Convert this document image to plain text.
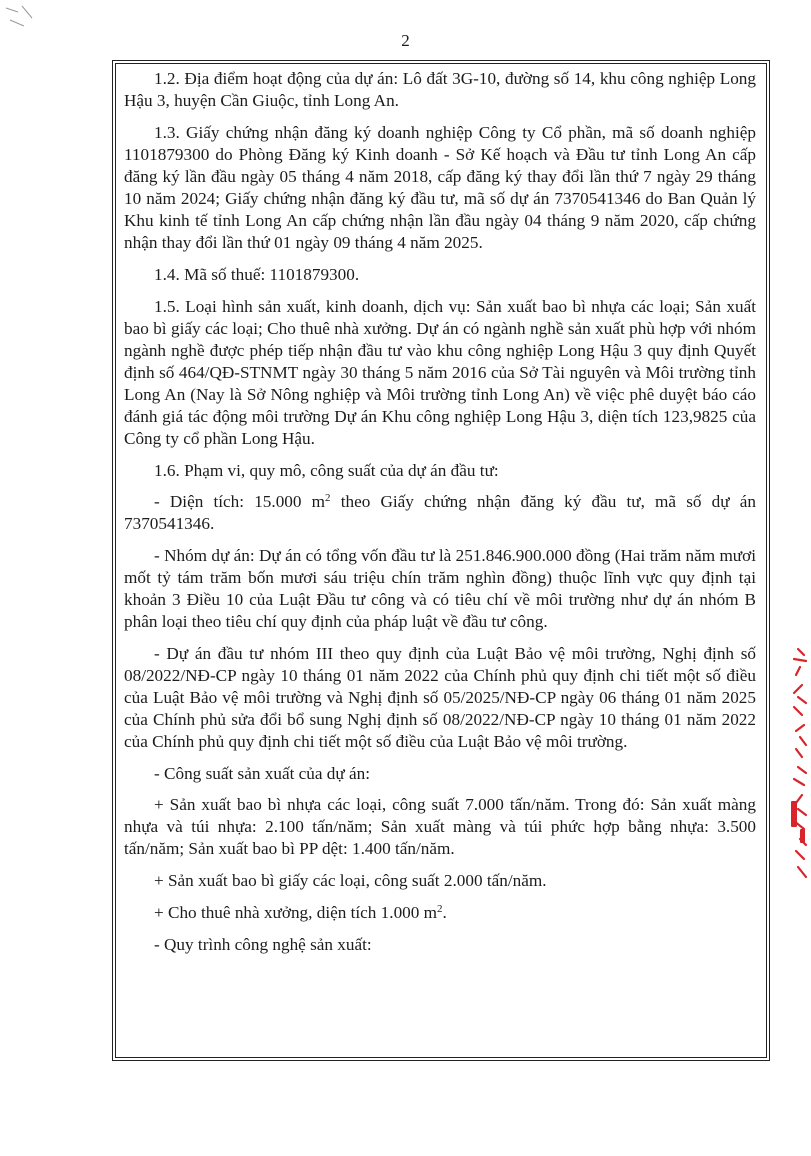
2

1.2. Địa điểm hoạt động của dự án: Lô đất 3G-10, đường số 14, khu công nghiệp Long Hậu 3, huyện Cần Giuộc, tỉnh Long An.

1.3. Giấy chứng nhận đăng ký doanh nghiệp Công ty Cổ phần, mã số doanh nghiệp 1101879300 do Phòng Đăng ký Kinh doanh - Sở Kế hoạch và Đầu tư tỉnh Long An cấp đăng ký lần đầu ngày 05 tháng 4 năm 2018, cấp đăng ký thay đổi lần thứ 7 ngày 29 tháng 10 năm 2024; Giấy chứng nhận đăng ký đầu tư, mã số dự án 7370541346 do Ban Quản lý Khu kinh tế tỉnh Long An cấp chứng nhận lần đầu ngày 04 tháng 9 năm 2020, cấp chứng nhận thay đổi lần thứ 01 ngày 09 tháng 4 năm 2025.

1.4. Mã số thuế: 1101879300.

1.5. Loại hình sản xuất, kinh doanh, dịch vụ: Sản xuất bao bì nhựa các loại; Sản xuất bao bì giấy các loại; Cho thuê nhà xưởng. Dự án có ngành nghề sản xuất phù hợp với nhóm ngành nghề được phép tiếp nhận đầu tư vào khu công nghiệp Long Hậu 3 quy định Quyết định số 464/QĐ-STNMT ngày 30 tháng 5 năm 2016 của Sở Tài nguyên và Môi trường tỉnh Long An (Nay là Sở Nông nghiệp và Môi trường tỉnh Long An) về việc phê duyệt báo cáo đánh giá tác động môi trường Dự án Khu công nghiệp Long Hậu 3, diện tích 123,9825 của Công ty cổ phần Long Hậu.

1.6. Phạm vi, quy mô, công suất của dự án đầu tư:

- Diện tích: 15.000 $m^2$ theo Giấy chứng nhận đăng ký đầu tư, mã số dự án 7370541346.

- Nhóm dự án: Dự án có tổng vốn đầu tư là 251.846.900.000 đồng (Hai trăm năm mươi mốt tỷ tám trăm bốn mươi sáu triệu chín trăm nghìn đồng) thuộc lĩnh vực quy định tại khoản 3 Điều 10 của Luật Đầu tư công và có tiêu chí về môi trường như dự án nhóm B phân loại theo tiêu chí quy định của pháp luật về đầu tư công.

- Dự án đầu tư nhóm III theo quy định của Luật Bảo vệ môi trường, Nghị định số 08/2022/NĐ-CP ngày 10 tháng 01 năm 2022 của Chính phủ quy định chi tiết một số điều của Luật Bảo vệ môi trường và Nghị định số 05/2025/NĐ-CP ngày 06 tháng 01 năm 2025 của Chính phủ sửa đổi bổ sung Nghị định số 08/2022/NĐ-CP ngày 10 tháng 01 năm 2022 của Chính phủ quy định chi tiết một số điều của Luật Bảo vệ môi trường.

- Công suất sản xuất của dự án:

+ Sản xuất bao bì nhựa các loại, công suất 7.000 tấn/năm. Trong đó: Sản xuất màng nhựa và túi nhựa: 2.100 tấn/năm; Sản xuất màng và túi phức hợp bằng nhựa: 3.500 tấn/năm; Sản xuất bao bì PP dệt: 1.400 tấn/năm.

+ Sản xuất bao bì giấy các loại, công suất 2.000 tấn/năm.

+ Cho thuê nhà xưởng, diện tích 1.000 $m^2$.

- Quy trình công nghệ sản xuất:
